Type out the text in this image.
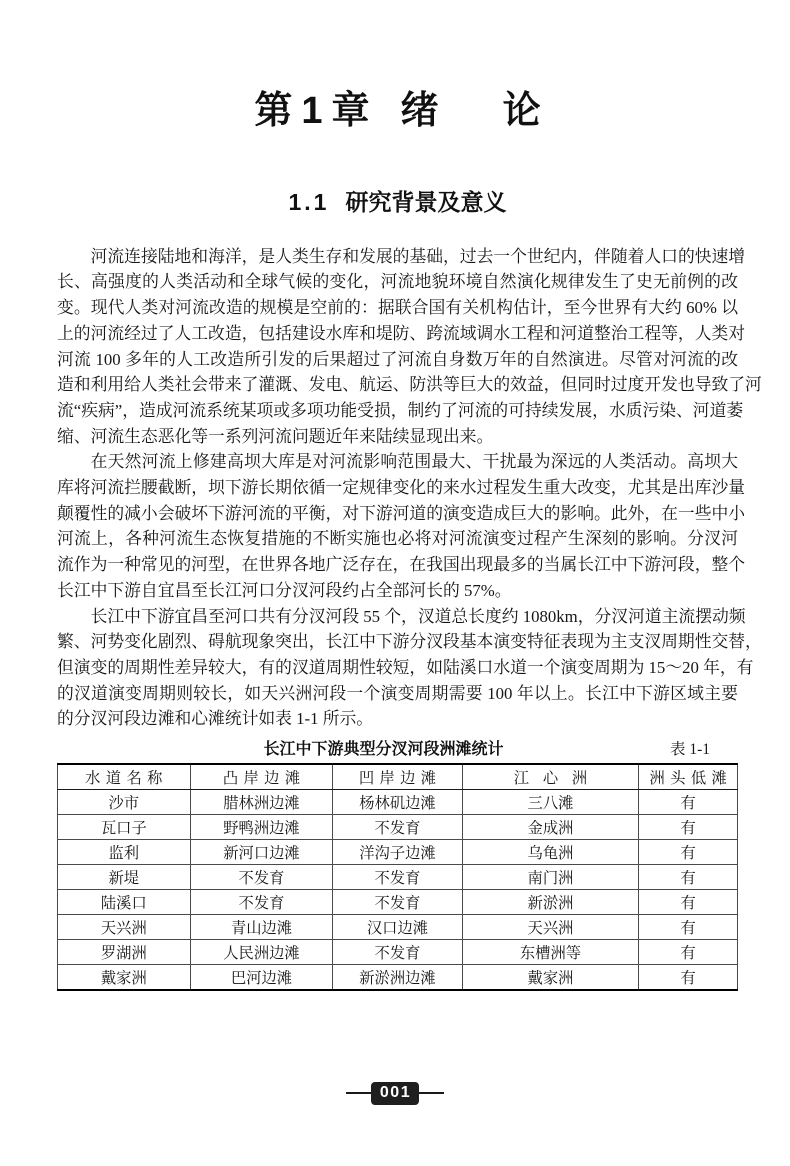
第1章 绪 论
1.1 研究背景及意义
河流连接陆地和海洋，是人类生存和发展的基础，过去一个世纪内，伴随着人口的快速增
长、高强度的人类活动和全球气候的变化，河流地貌环境自然演化规律发生了史无前例的改
变。现代人类对河流改造的规模是空前的：据联合国有关机构估计，至今世界有大约 60% 以
上的河流经过了人工改造，包括建设水库和堤防、跨流域调水工程和河道整治工程等，人类对
河流 100 多年的人工改造所引发的后果超过了河流自身数万年的自然演进。尽管对河流的改
造和利用给人类社会带来了灌溉、发电、航运、防洪等巨大的效益，但同时过度开发也导致了河
流“疾病”，造成河流系统某项或多项功能受损，制约了河流的可持续发展，水质污染、河道萎
缩、河流生态恶化等一系列河流问题近年来陆续显现出来。
在天然河流上修建高坝大库是对河流影响范围最大、干扰最为深远的人类活动。高坝大
库将河流拦腰截断，坝下游长期依循一定规律变化的来水过程发生重大改变，尤其是出库沙量
颠覆性的减小会破坏下游河流的平衡，对下游河道的演变造成巨大的影响。此外，在一些中小
河流上，各种河流生态恢复措施的不断实施也必将对河流演变过程产生深刻的影响。分汊河
流作为一种常见的河型，在世界各地广泛存在，在我国出现最多的当属长江中下游河段，整个
长江中下游自宜昌至长江河口分汊河段约占全部河长的 57%。
长江中下游宜昌至河口共有分汊河段 55 个，汊道总长度约 1080km，分汊河道主流摆动频
繁、河势变化剧烈、碍航现象突出，长江中下游分汊段基本演变特征表现为主支汊周期性交替，
但演变的周期性差异较大，有的汊道周期性较短，如陆溪口水道一个演变周期为 15～20 年，有
的汊道演变周期则较长，如天兴洲河段一个演变周期需要 100 年以上。长江中下游区域主要
的分汊河段边滩和心滩统计如表 1-1 所示。
长江中下游典型分汊河段洲滩统计	表 1-1
水道名称	凸岸边滩	凹岸边滩	江心洲	洲头低滩
沙市	腊林洲边滩	杨林矶边滩	三八滩	有
瓦口子	野鸭洲边滩	不发育	金成洲	有
监利	新河口边滩	洋沟子边滩	乌龟洲	有
新堤	不发育	不发育	南门洲	有
陆溪口	不发育	不发育	新淤洲	有
天兴洲	青山边滩	汉口边滩	天兴洲	有
罗湖洲	人民洲边滩	不发育	东槽洲等	有
戴家洲	巴河边滩	新淤洲边滩	戴家洲	有
001
